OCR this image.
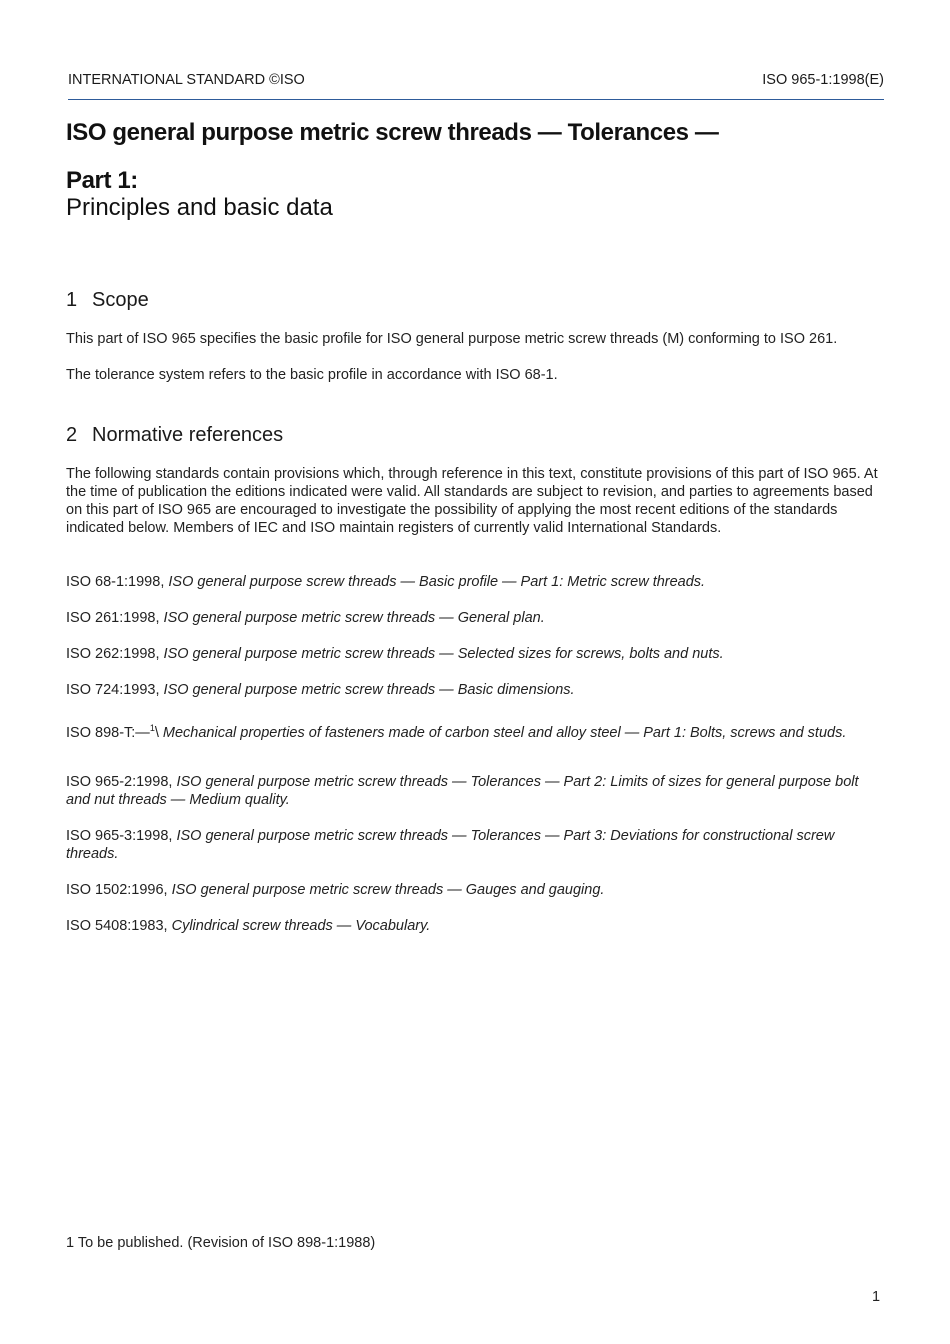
INTERNATIONAL STANDARD ©ISO	ISO 965-1:1998(E)
ISO general purpose metric screw threads — Tolerances —
Part 1:
Principles and basic data
1 Scope
This part of ISO 965 specifies the basic profile for ISO general purpose metric screw threads (M) conforming to ISO 261.
The tolerance system refers to the basic profile in accordance with ISO 68-1.
2 Normative references
The following standards contain provisions which, through reference in this text, constitute provisions of this part of ISO 965. At the time of publication the editions indicated were valid. All standards are subject to revision, and parties to agreements based on this part of ISO 965 are encouraged to investigate the possibility of applying the most recent editions of the standards indicated below. Members of IEC and ISO maintain registers of currently valid International Standards.
ISO 68-1:1998, ISO general purpose screw threads — Basic profile — Part 1: Metric screw threads.
ISO 261:1998, ISO general purpose metric screw threads — General plan.
ISO 262:1998, ISO general purpose metric screw threads — Selected sizes for screws, bolts and nuts.
ISO 724:1993, ISO general purpose metric screw threads — Basic dimensions.
ISO 898-T:—$^1$\ Mechanical properties of fasteners made of carbon steel and alloy steel — Part 1: Bolts, screws and studs.
ISO 965-2:1998, ISO general purpose metric screw threads — Tolerances — Part 2: Limits of sizes for general purpose bolt and nut threads — Medium quality.
ISO 965-3:1998, ISO general purpose metric screw threads — Tolerances — Part 3: Deviations for constructional screw threads.
ISO 1502:1996, ISO general purpose metric screw threads — Gauges and gauging.
ISO 5408:1983, Cylindrical screw threads — Vocabulary.
1 To be published. (Revision of ISO 898-1:1988)
1
